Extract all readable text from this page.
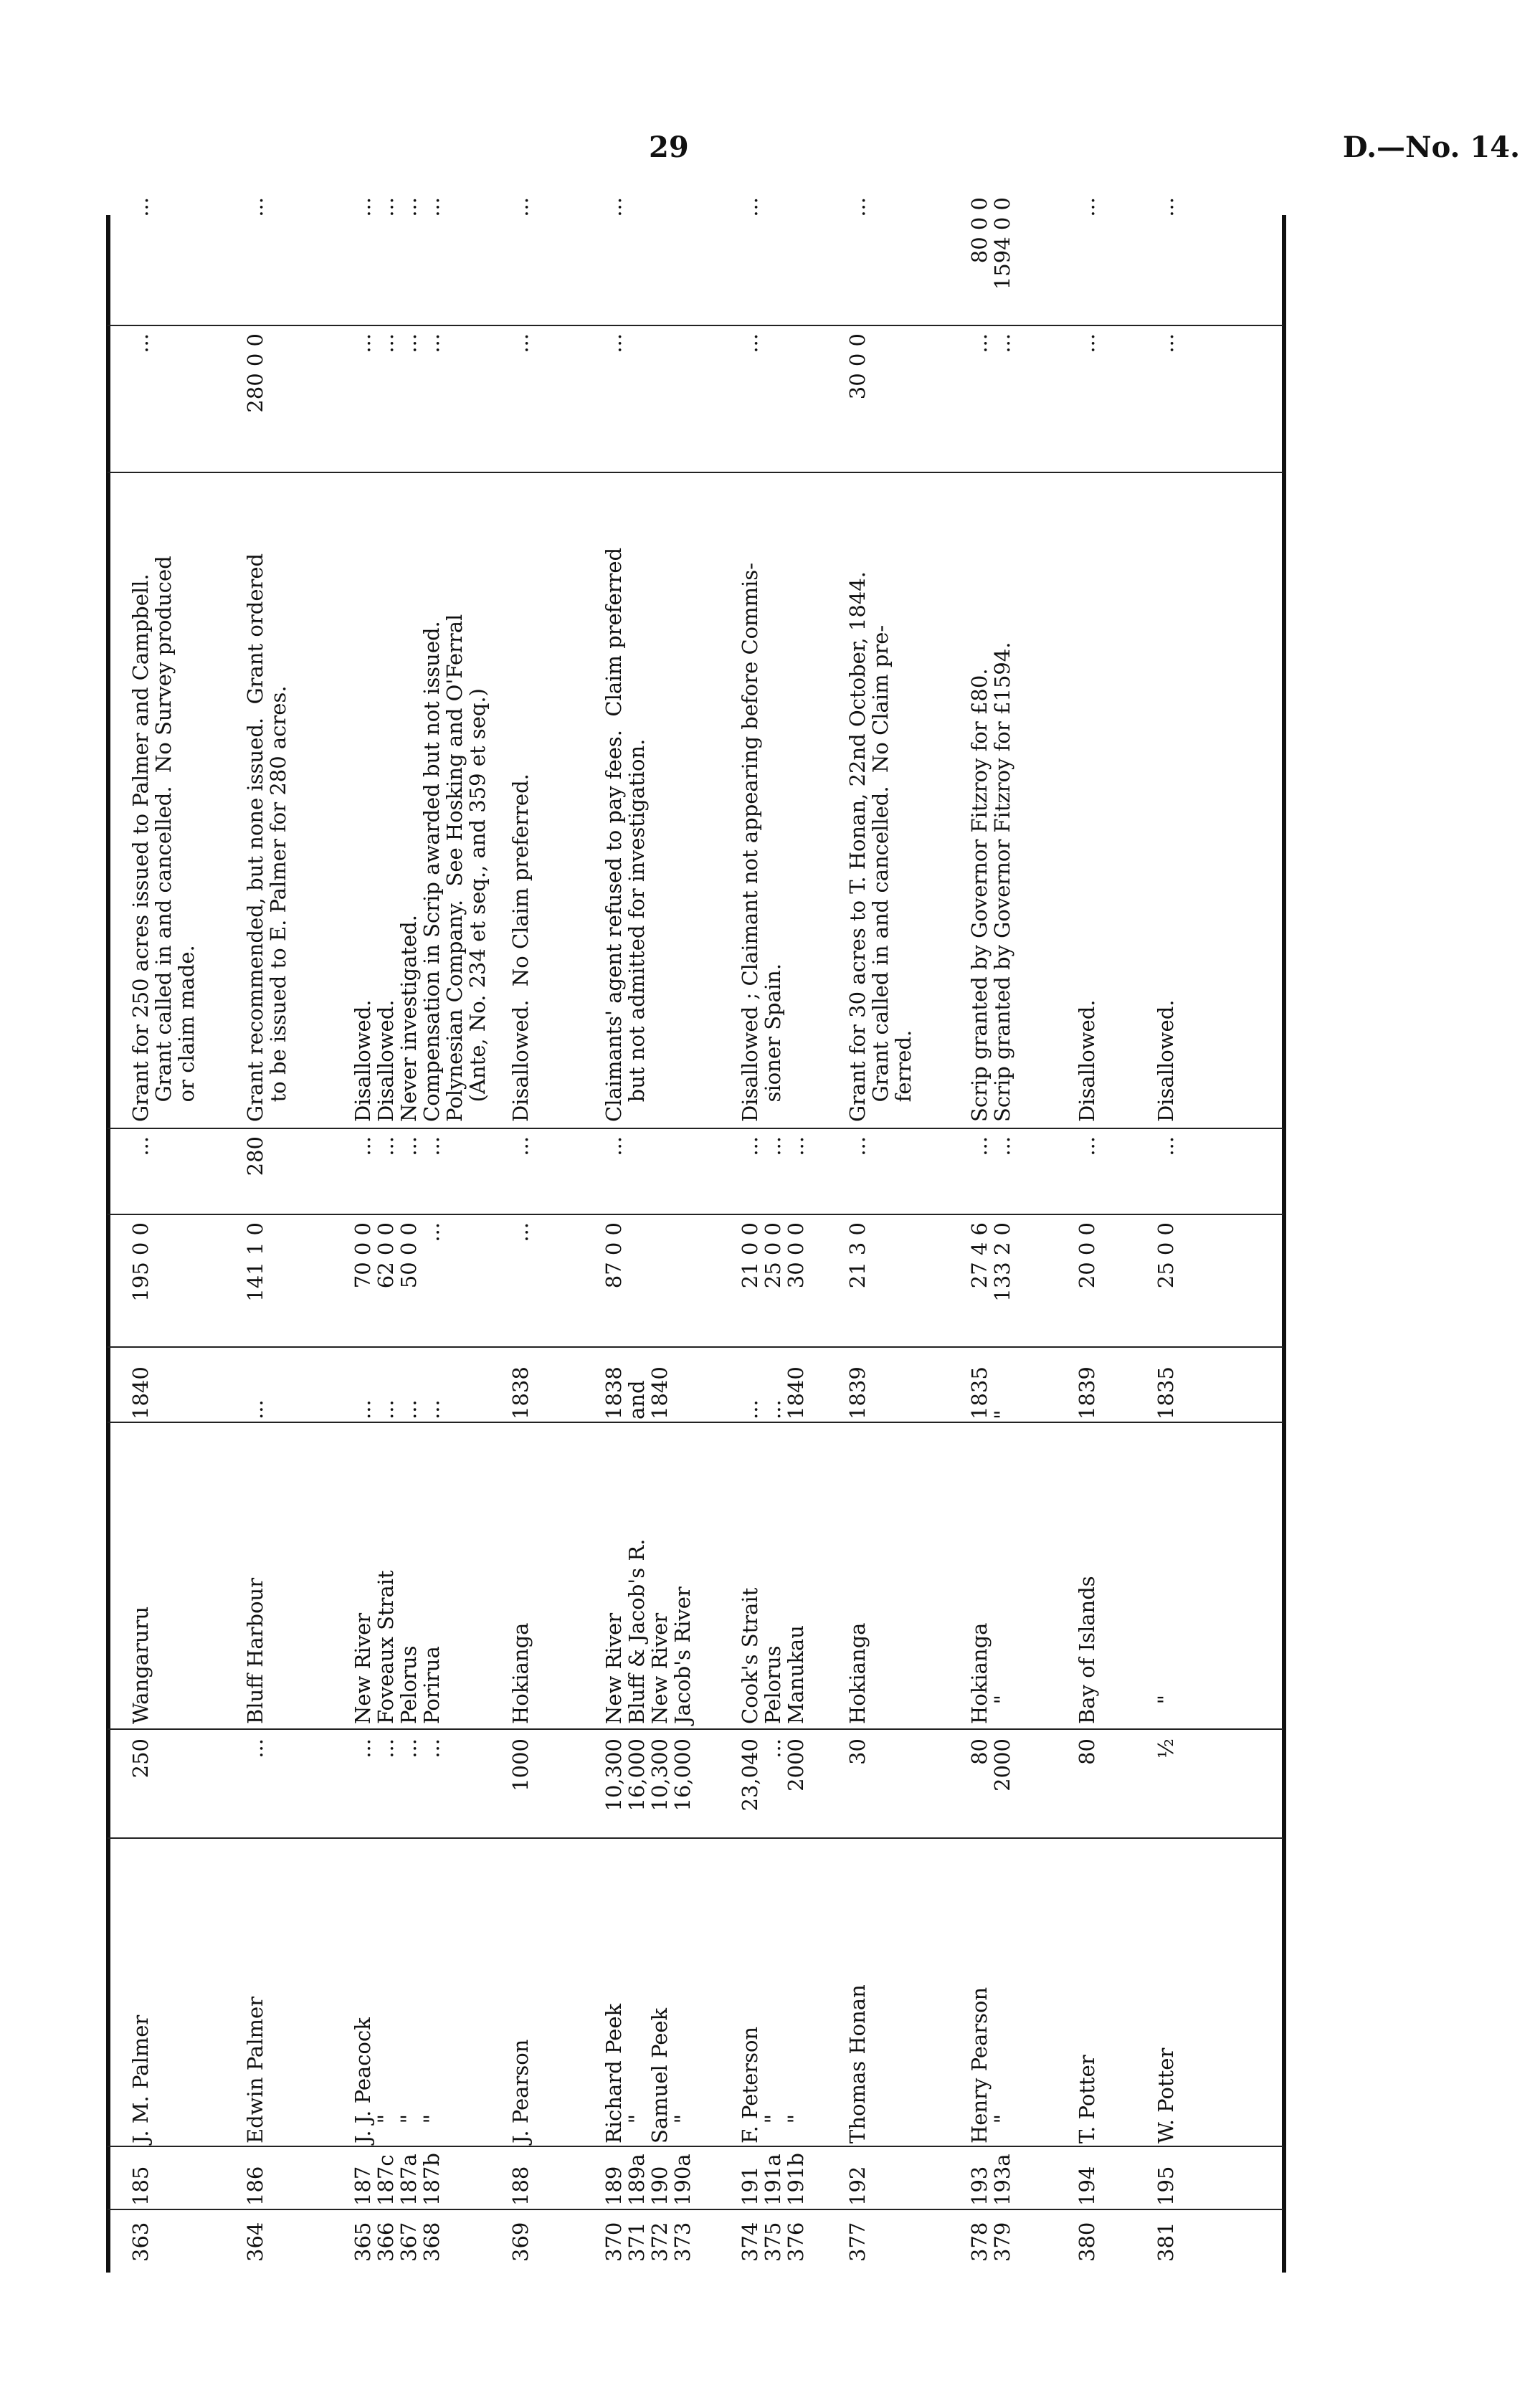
29	D.—No. 14.
363
185
J. M. Palmer
250
Wangaruru
1840
195 0 0
...
Grant for 250 acres issued to Palmer and Campbell.
Grant called in and cancelled.  No Survey produced
or claim made.
...
...
364
186
Edwin Palmer
...
Bluff Harbour
...
141 1 0
280
Grant recommended, but none issued.  Grant ordered
to be issued to E. Palmer for 280 acres.
280 0 0
...
365
366
367
368
187
187c
187a
187b
J. J. Peacock
"
"
"
...
...
...
...
New River
Foveaux Strait
Pelorus
Porirua
...
...
...
...
70 0 0
62 0 0
50 0 0
...
...
...
...
...
Disallowed.
Disallowed.
Never investigated.
Compensation in Scrip awarded but not issued.
Polynesian Company.  See Hosking and O'Ferral
(Ante, No. 234 et seq., and 359 et seq.)
...
...
...
...
...
...
...
...
369
188
J. Pearson
1000
Hokianga
1838
...
...
Disallowed.  No Claim preferred.
...
...
370
371
372
373
189
189a
190
190a
Richard Peek
"
Samuel Peek
"
10,300
16,000
10,300
16,000
New River
Bluff & Jacob's R.
New River
Jacob's River
1838
and
1840
87 0 0
...
Claimants' agent refused to pay fees.  Claim preferred
but not admitted for investigation.
...
...
374
375
376
191
191a
191b
F. Peterson
"
"
23,040
...
2000
Cook's Strait
Pelorus
Manukau
...
...
1840
21 0 0
25 0 0
30 0 0
...
...
...
Disallowed ; Claimant not appearing before Commis-
sioner Spain.
...
...
377
192
Thomas Honan
30
Hokianga
1839
21 3 0
...
Grant for 30 acres to T. Honan, 22nd October, 1844.
Grant called in and cancelled.  No Claim pre-
ferred.
30 0 0
...
378
379
193
193a
Henry Pearson
"
80
2000
Hokianga
"
1835
"
27 4 6
133 2 0
...
...
Scrip granted by Governor Fitzroy for £80.
Scrip granted by Governor Fitzroy for £1594.
...
...
80 0 0
1594 0 0
380
194
T. Potter
80
Bay of Islands
1839
20 0 0
...
Disallowed.
...
...
381
195
W. Potter
½
"
1835
25 0 0
...
Disallowed.
...
...
